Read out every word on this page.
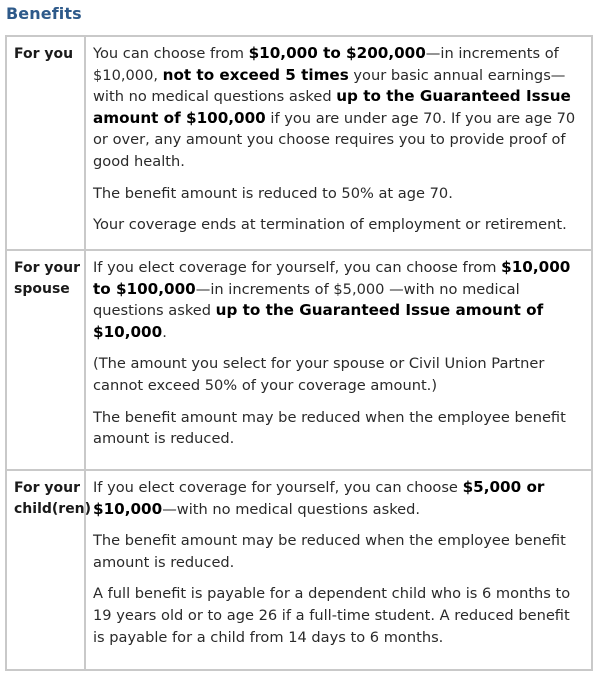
Benefits
For you	You can choose from $10,000 to $200,000—in increments of $10,000, not to exceed 5 times your basic annual earnings—with no medical questions asked up to the Guaranteed Issue amount of $100,000 if you are under age 70. If you are age 70 or over, any amount you choose requires you to provide proof of good health.

The benefit amount is reduced to 50% at age 70.

Your coverage ends at termination of employment or retirement.

For your spouse	If you elect coverage for yourself, you can choose from $10,000 to $100,000—in increments of $5,000 —with no medical questions asked up to the Guaranteed Issue amount of $10,000.

(The amount you select for your spouse or Civil Union Partner cannot exceed 50% of your coverage amount.)

The benefit amount may be reduced when the employee benefit amount is reduced.

For your child(ren)	If you elect coverage for yourself, you can choose $5,000 or $10,000—with no medical questions asked.

The benefit amount may be reduced when the employee benefit amount is reduced.

A full benefit is payable for a dependent child who is 6 months to 19 years old or to age 26 if a full-time student. A reduced benefit is payable for a child from 14 days to 6 months.
